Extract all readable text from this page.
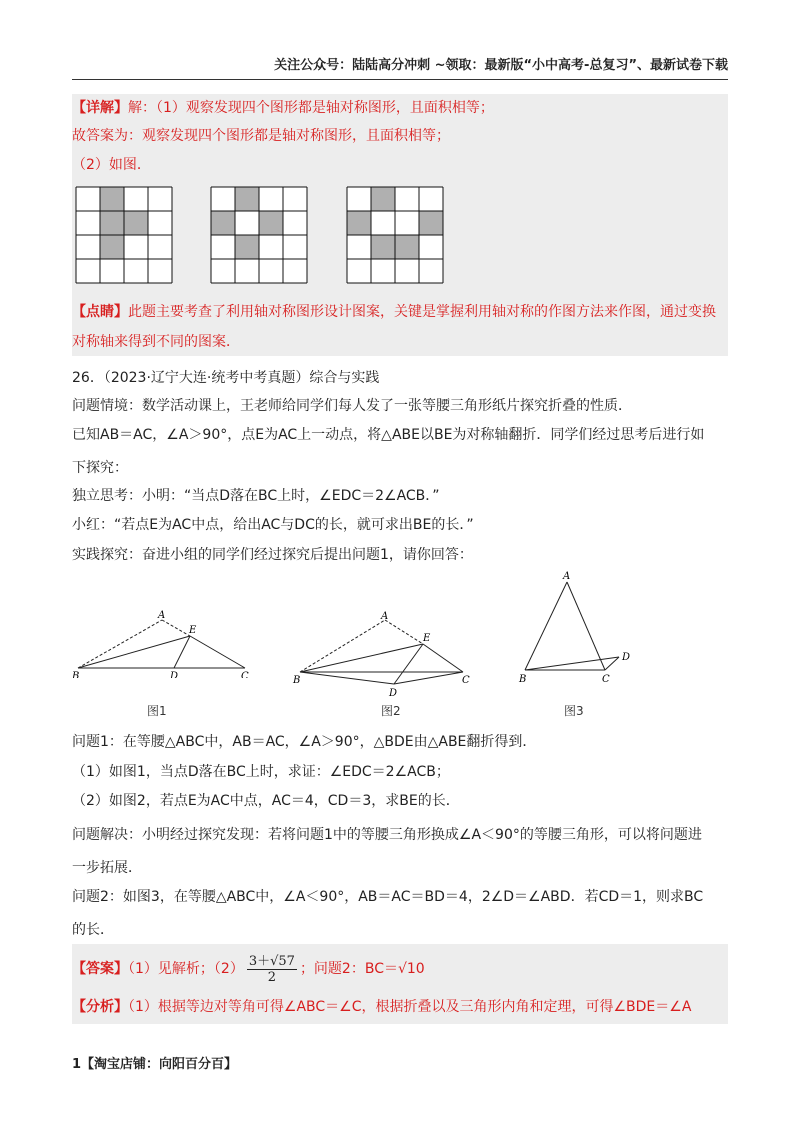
关注公众号：陆陆高分冲刺 ~领取：最新版“小中高考-总复习”、最新试卷下载
【详解】解：（1）观察发现四个图形都是轴对称图形，且面积相等；
故答案为：观察发现四个图形都是轴对称图形，且面积相等；
（2）如图．
【点睛】此题主要考查了利用轴对称图形设计图案，关键是掌握利用轴对称的作图方法来作图，通过变换
对称轴来得到不同的图案．
26．（2023·辽宁大连·统考中考真题）综合与实践
问题情境：数学活动课上，王老师给同学们每人发了一张等腰三角形纸片探究折叠的性质．
已知AB＝AC，∠A＞90°，点E为AC上一动点，将△ABE以BE为对称轴翻折．同学们经过思考后进行如
下探究：
独立思考：小明：“当点D落在BC上时，∠EDC＝2∠ACB．”
小红：“若点E为AC中点，给出AC与DC的长，就可求出BE的长．”
实践探究：奋进小组的同学们经过探究后提出问题1，请你回答：
A
E
B	D	C
图1
A
E
B
D
C
图2
A
D
B	C
图3
问题1：在等腰△ABC中，AB＝AC，∠A＞90°，△BDE由△ABE翻折得到．
（1）如图1，当点D落在BC上时，求证：∠EDC＝2∠ACB；
（2）如图2，若点E为AC中点，AC＝4，CD＝3，求BE的长．
问题解决：小明经过探究发现：若将问题1中的等腰三角形换成∠A＜90°的等腰三角形，可以将问题进
一步拓展．
问题2：如图3，在等腰△ABC中，∠A＜90°，AB＝AC＝BD＝4，2∠D＝∠ABD．若CD＝1，则求BC
的长．
【答案】（1）见解析；$(2) \frac{3+√57}{2}$ ；问题2：BC＝√10
【分析】（1）根据等边对等角可得∠ABC＝∠C，根据折叠以及三角形内角和定理，可得∠BDE＝∠A
1【淘宝店铺：向阳百分百】
